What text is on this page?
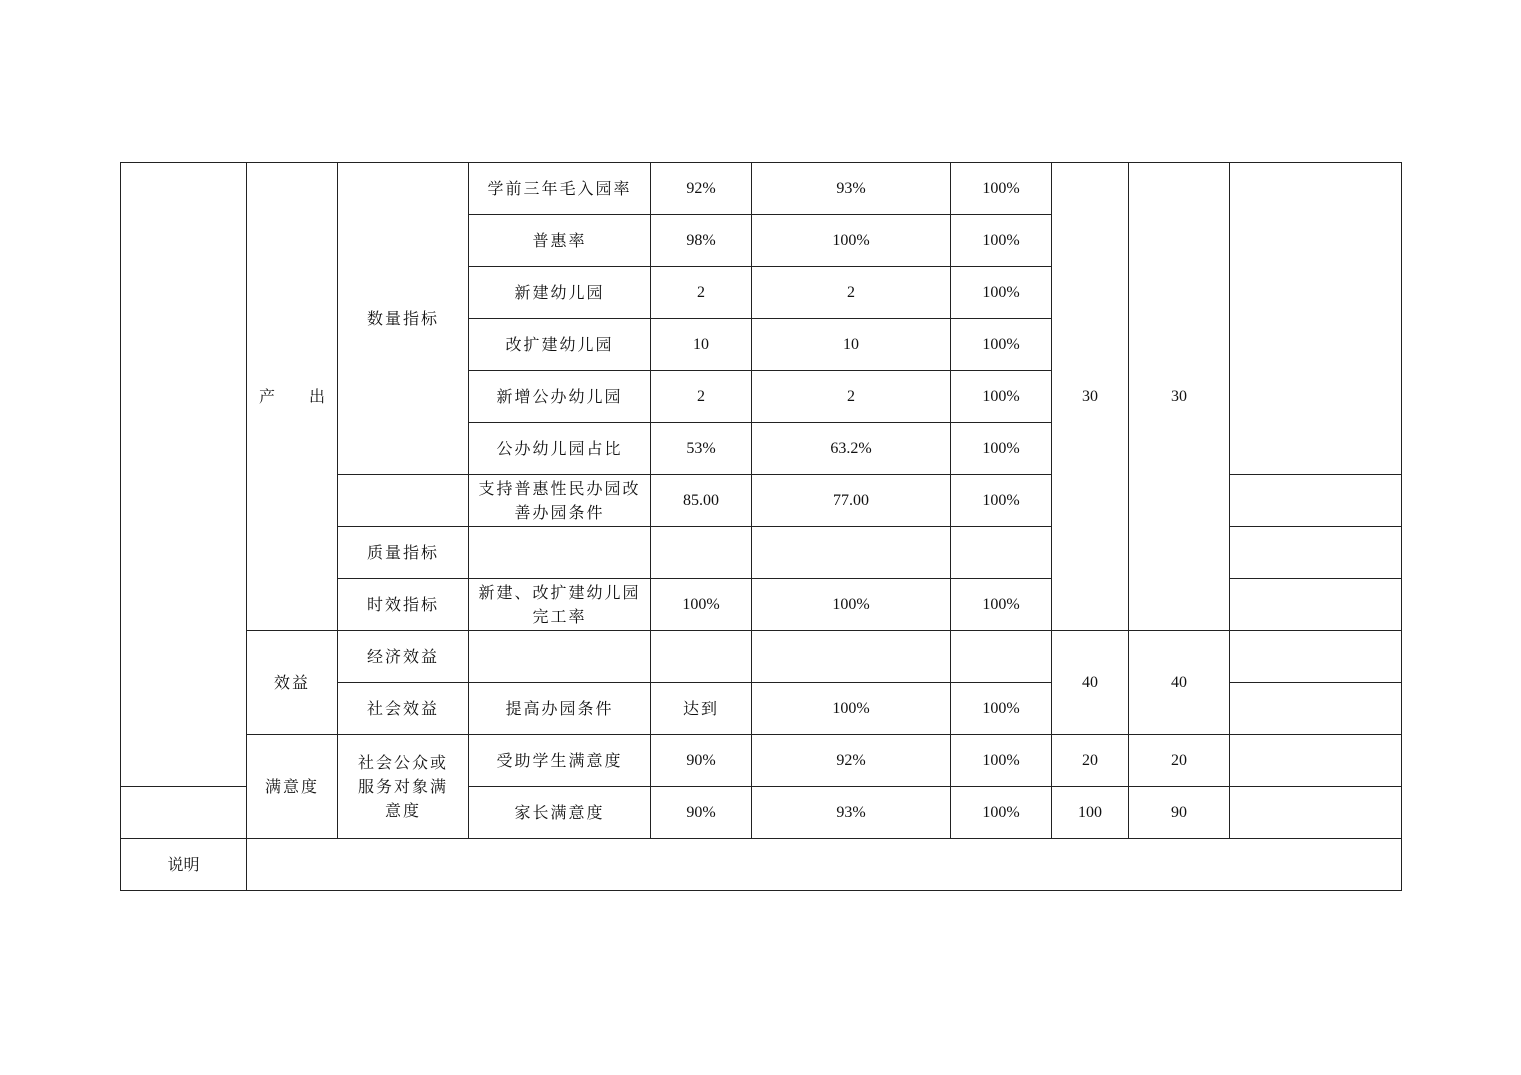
	产 出	数量指标	学前三年毛入园率	92%	93%	100%	30	30	
			普惠率	98%	100%	100%			
			新建幼儿园	2	2	100%			
			改扩建幼儿园	10	10	100%			
			新增公办幼儿园	2	2	100%			
			公办幼儿园占比	53%	63.2%	100%			
			支持普惠性民办园改善办园条件	85.00	77.00	100%			
		质量指标							
		时效指标	新建、改扩建幼儿园完工率	100%	100%	100%			
	效益	经济效益					40	40	
		社会效益	提高办园条件	达到	100%	100%			
	满意度	社会公众或服务对象满意度	受助学生满意度	90%	92%	100%	20	20	
			家长满意度	90%	93%	100%	100	90	
说明									
